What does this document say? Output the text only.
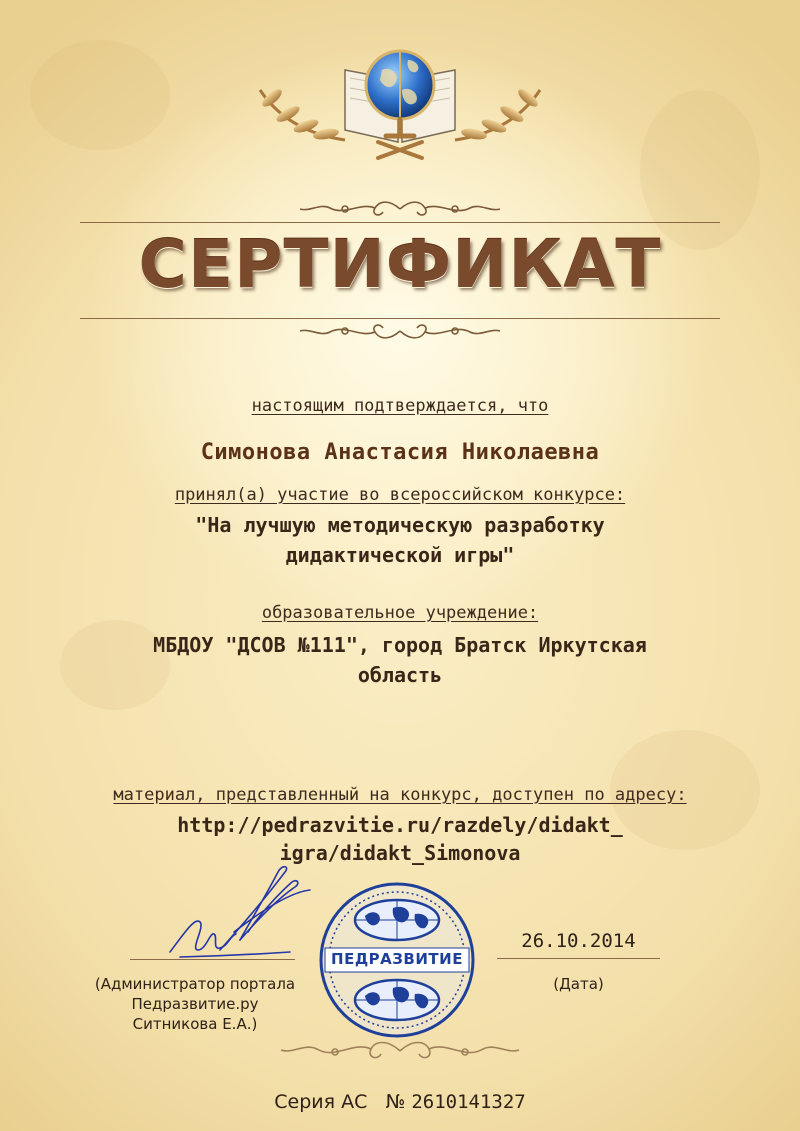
СЕРТИФИКАТ
настоящим подтверждается, что
Симонова Анастасия Николаевна
принял(а) участие во всероссийском конкурсе:
"На лучшую методическую разработку
дидактической игры"
образовательное учреждение:
МБДОУ "ДСОВ №111", город Братск Иркутская
область
материал, представленный на конкурс, доступен по адресу:
http://pedrazvitie.ru/razdely/didakt_
igra/didakt_Simonova
(Администратор портала
Педразвитие.ру
Ситникова Е.А.)
ПЕДРАЗВИТИЕ
26.10.2014
(Дата)
Серия АС № 2610141327
